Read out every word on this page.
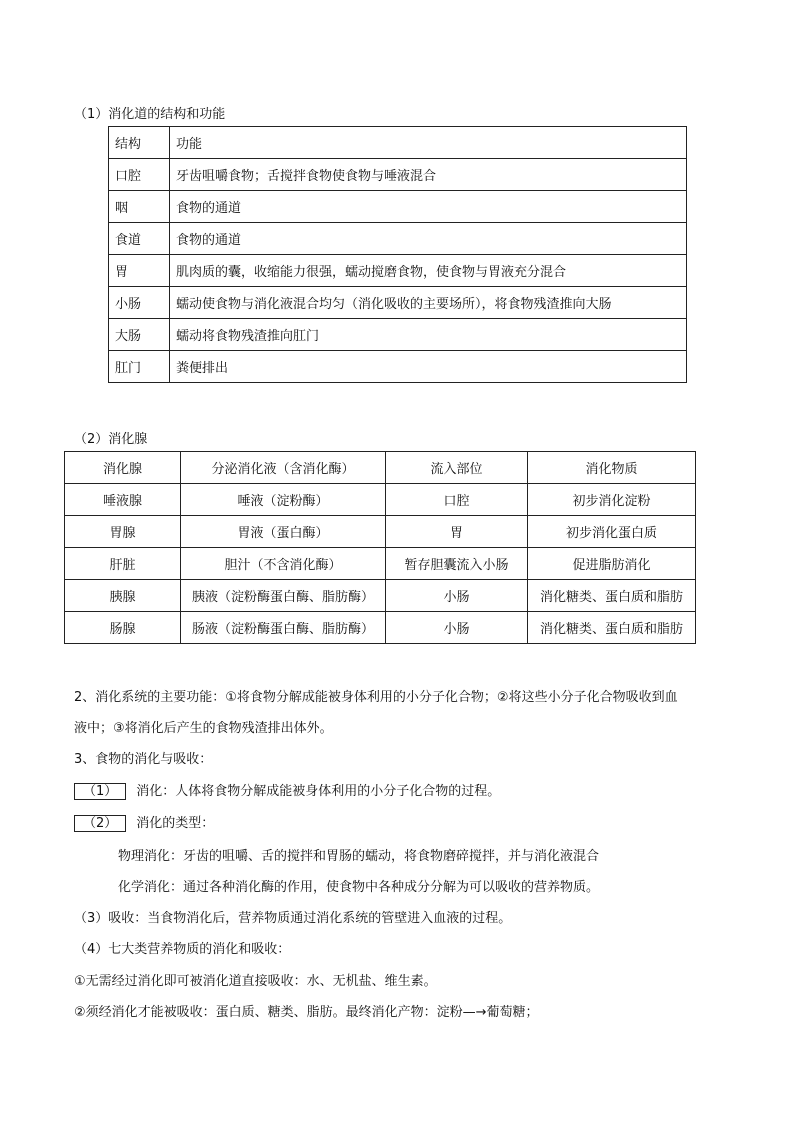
（1）消化道的结构和功能
结构	功能
口腔	牙齿咀嚼食物；舌搅拌食物使食物与唾液混合
咽	食物的通道
食道	食物的通道
胃	肌肉质的囊，收缩能力很强，蠕动搅磨食物，使食物与胃液充分混合
小肠	蠕动使食物与消化液混合均匀（消化吸收的主要场所），将食物残渣推向大肠
大肠	蠕动将食物残渣推向肛门
肛门	粪便排出
（2）消化腺
消化腺	分泌消化液（含消化酶）	流入部位	消化物质
唾液腺	唾液（淀粉酶）	口腔	初步消化淀粉
胃腺	胃液（蛋白酶）	胃	初步消化蛋白质
肝脏	胆汁（不含消化酶）	暂存胆囊流入小肠	促进脂肪消化
胰腺	胰液（淀粉酶蛋白酶、脂肪酶）	小肠	消化糖类、蛋白质和脂肪
肠腺	肠液（淀粉酶蛋白酶、脂肪酶）	小肠	消化糖类、蛋白质和脂肪
2、消化系统的主要功能：①将食物分解成能被身体利用的小分子化合物；②将这些小分子化合物吸收到血
液中；③将消化后产生的食物残渣排出体外。
3、食物的消化与吸收：
（1） 消化：人体将食物分解成能被身体利用的小分子化合物的过程。
（2） 消化的类型：
物理消化：牙齿的咀嚼、舌的搅拌和胃肠的蠕动，将食物磨碎搅拌，并与消化液混合
化学消化：通过各种消化酶的作用，使食物中各种成分分解为可以吸收的营养物质。
（3）吸收：当食物消化后，营养物质通过消化系统的管壁进入血液的过程。
（4）七大类营养物质的消化和吸收：
①无需经过消化即可被消化道直接吸收：水、无机盐、维生素。
②须经消化才能被吸收：蛋白质、糖类、脂肪。最终消化产物：淀粉—→葡萄糖；
